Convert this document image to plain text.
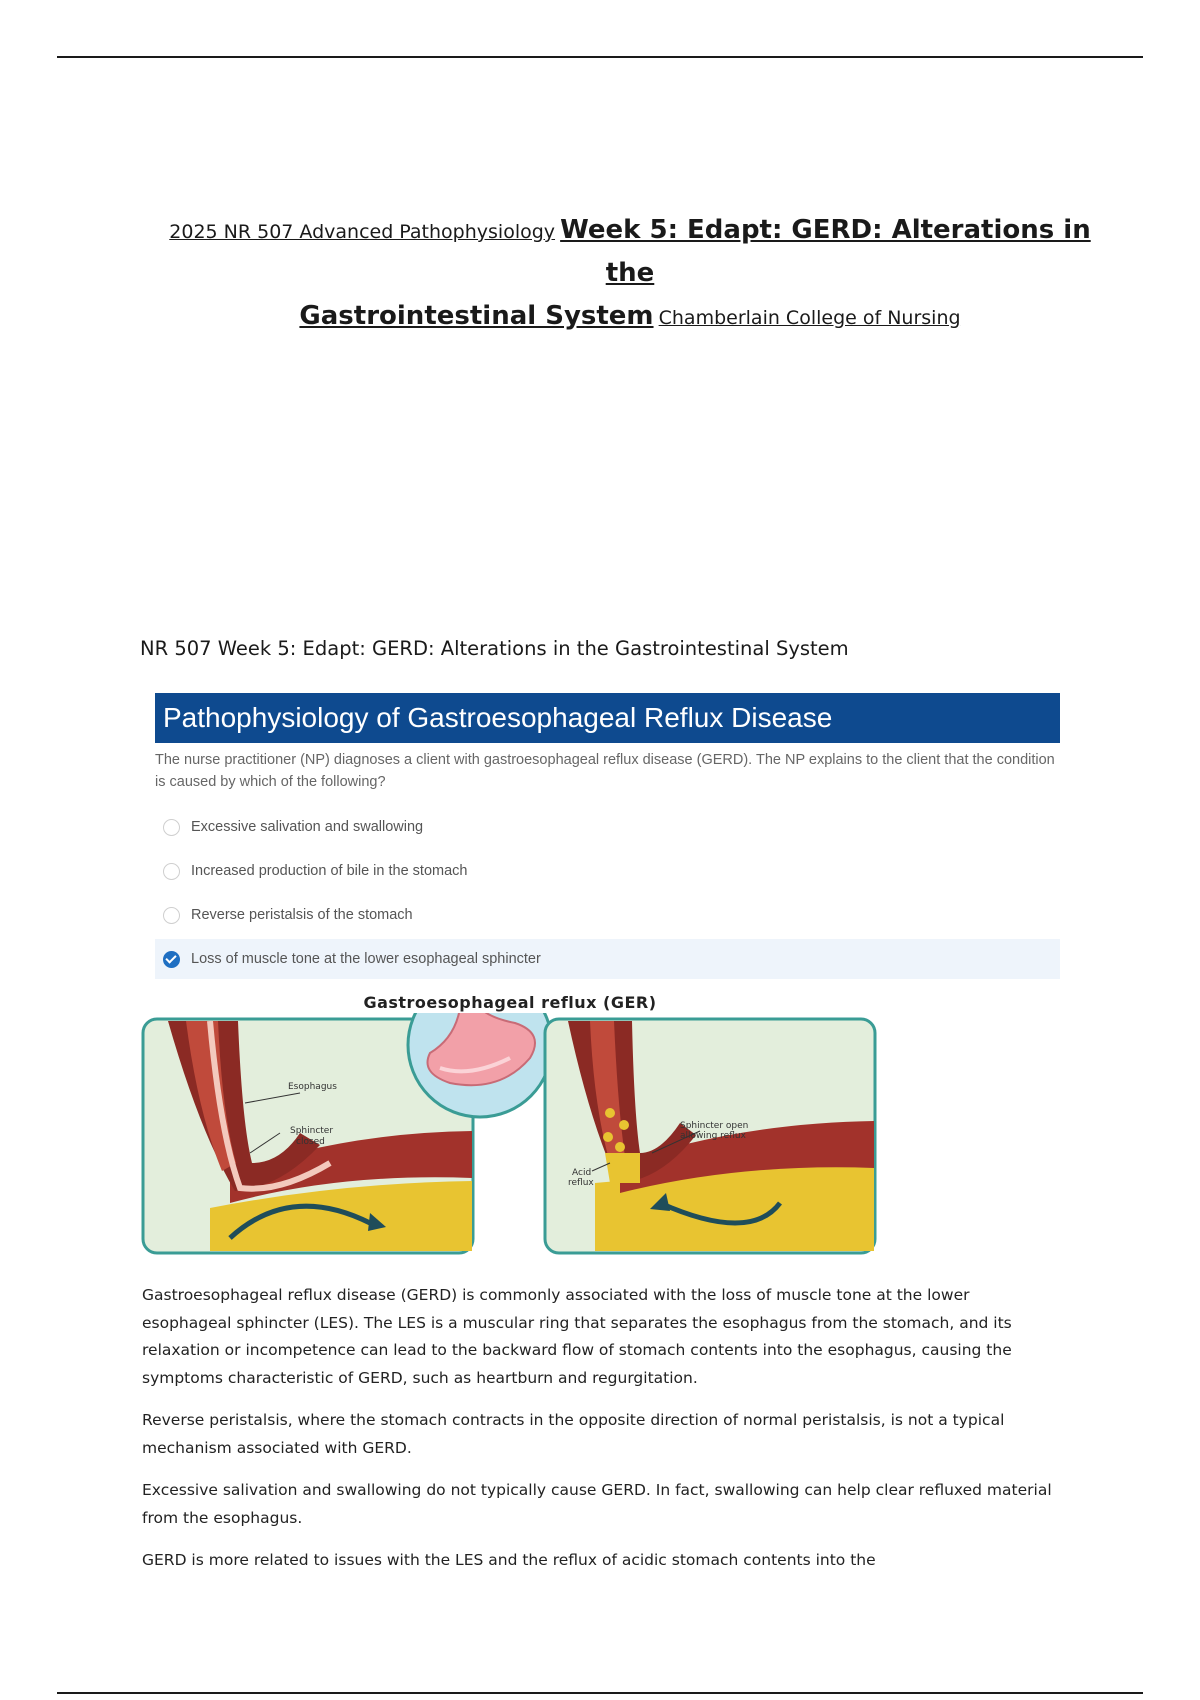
2025 NR 507 Advanced Pathophysiology Week 5: Edapt: GERD: Alterations in the
Gastrointestinal System Chamberlain College of Nursing
NR 507 Week 5: Edapt: GERD: Alterations in the Gastrointestinal System
Pathophysiology of Gastroesophageal Reflux Disease
The nurse practitioner (NP) diagnoses a client with gastroesophageal reflux disease (GERD). The NP explains to the client that the condition is caused by which of the following?
Excessive salivation and swallowing
Increased production of bile in the stomach
Reverse peristalsis of the stomach
Loss of muscle tone at the lower esophageal sphincter
Gastroesophageal reflux (GER)
Esophagus
Sphincter
closed
Sphincter open
allowing reflux
Acid
reflux

Gastroesophageal reflux disease (GERD) is commonly associated with the loss of muscle tone at the lower esophageal sphincter (LES). The LES is a muscular ring that separates the esophagus from the stomach, and its relaxation or incompetence can lead to the backward flow of stomach contents into the esophagus, causing the symptoms characteristic of GERD, such as heartburn and regurgitation.

Reverse peristalsis, where the stomach contracts in the opposite direction of normal peristalsis, is not a typical mechanism associated with GERD.

Excessive salivation and swallowing do not typically cause GERD. In fact, swallowing can help clear refluxed material from the esophagus.

GERD is more related to issues with the LES and the reflux of acidic stomach contents into the
